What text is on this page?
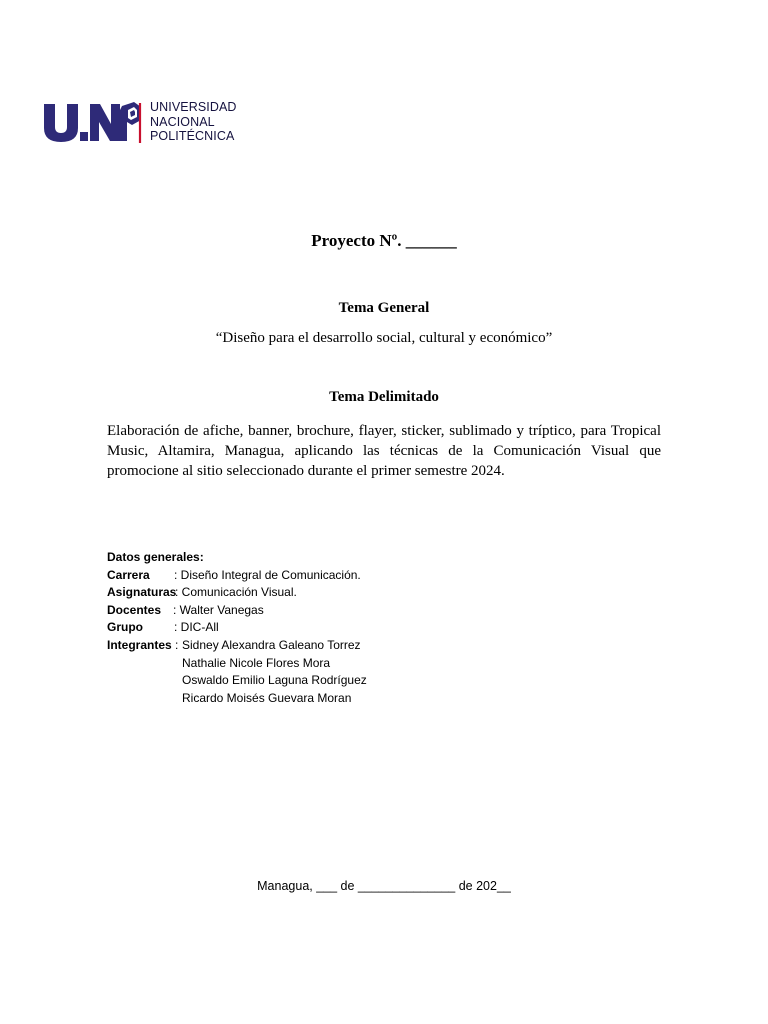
UNIVERSIDAD
NACIONAL
POLITÉCNICA
Proyecto Nº. ______
Tema General
“Diseño para el desarrollo social, cultural y económico”
Tema Delimitado
Elaboración de afiche, banner, brochure, flayer, sticker, sublimado y tríptico, para Tropical Music, Altamira, Managua, aplicando las técnicas de la Comunicación Visual que promocione al sitio seleccionado durante el primer semestre 2024.
Datos generales:
Carrera : Diseño Integral de Comunicación.
Asignaturas
: Comunicación Visual.
Docentes : Walter Vanegas
Grupo	: DIC-All
Integrantes : Sidney Alexandra Galeano Torrez
Nathalie Nicole Flores Mora
Oswaldo Emilio Laguna Rodríguez
Ricardo Moisés Guevara Moran
Managua, ___ de ______________ de 202__
